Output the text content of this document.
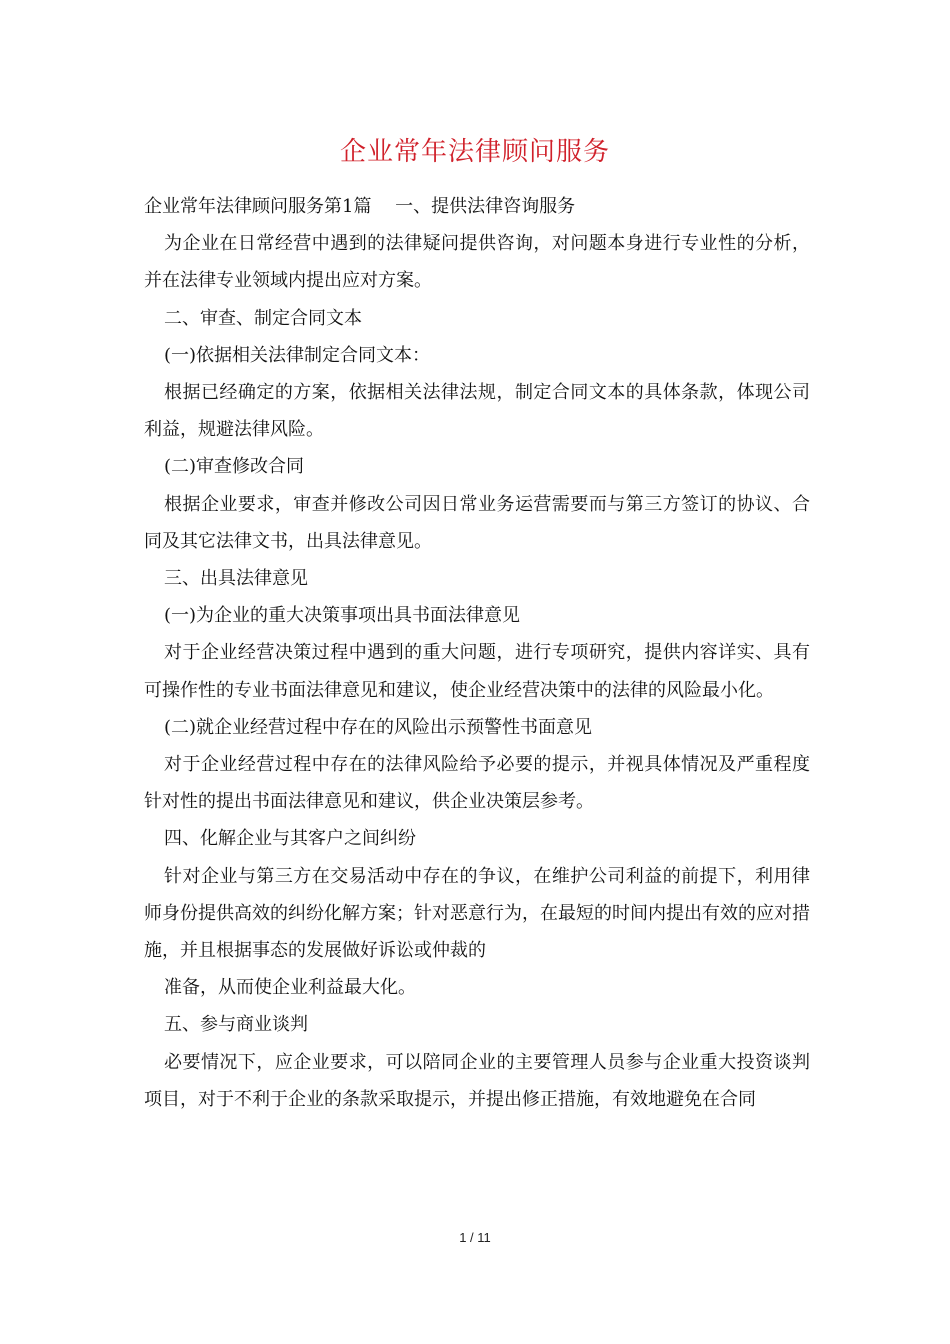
企业常年法律顾问服务

企业常年法律顾问服务第1篇　 一、提供法律咨询服务

为企业在日常经营中遇到的法律疑问提供咨询，对问题本身进行专业性的分析，并在法律专业领域内提出应对方案。

二、审查、制定合同文本

(一)依据相关法律制定合同文本：

根据已经确定的方案，依据相关法律法规，制定合同文本的具体条款，体现公司利益，规避法律风险。

(二)审查修改合同

根据企业要求，审查并修改公司因日常业务运营需要而与第三方签订的协议、合同及其它法律文书，出具法律意见。

三、出具法律意见

(一)为企业的重大决策事项出具书面法律意见

对于企业经营决策过程中遇到的重大问题，进行专项研究，提供内容详实、具有可操作性的专业书面法律意见和建议，使企业经营决策中的法律的风险最小化。

(二)就企业经营过程中存在的风险出示预警性书面意见

对于企业经营过程中存在的法律风险给予必要的提示，并视具体情况及严重程度针对性的提出书面法律意见和建议，供企业决策层参考。

四、化解企业与其客户之间纠纷

针对企业与第三方在交易活动中存在的争议，在维护公司利益的前提下，利用律师身份提供高效的纠纷化解方案；针对恶意行为，在最短的时间内提出有效的应对措施，并且根据事态的发展做好诉讼或仲裁的

准备，从而使企业利益最大化。

五、参与商业谈判

必要情况下，应企业要求，可以陪同企业的主要管理人员参与企业重大投资谈判项目，对于不利于企业的条款采取提示，并提出修正措施，有效地避免在合同

1 / 11
